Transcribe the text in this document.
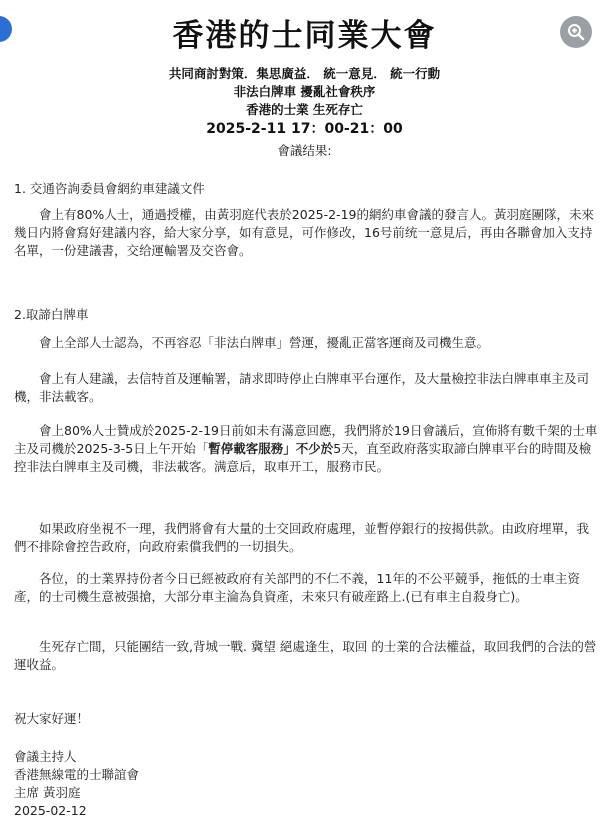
香港的士同業大會
共同商討對策．集思廣益． 統一意見． 統一行動
非法白牌車 擾亂社會秩序
香港的士業 生死存亡
2025-2-11 17：00-21：00
會議结果:
1. 交通咨詢委員會網約車建議文件
會上有80%人士，通過授權，由黃羽庭代表於2025-2-19的網約車會議的發言人。黃羽庭團隊，未來幾日内將會寫好建議内容，給大家分享，如有意見，可作修改，16号前统一意見后，再由各聯會加入支持名單，一份建議書，交给運輸署及交咨會。
2.取諦白牌車
會上全部人士認為，不再容忍「非法白牌車」營運，擾亂正當客運商及司機生意。
會上有人建議，去信特首及運輸署，請求即時停止白牌車平台運作，及大量檢控非法白牌車車主及司機，非法載客。
會上80%人士贊成於2025-2-19日前如未有滿意回應，我們將於19日會議后，宣佈將有數千架的士車主及司機於2025-3-5日上午开始「暫停載客服務」不少於5天，直至政府落实取諦白牌車平台的時間及檢控非法白牌車主及司機，非法載客。满意后，取車开工，服務市民。
如果政府坐視不一理，我們將會有大量的士交回政府處理，並暫停銀行的按揭供款。由政府埋單，我們不排除會控告政府，向政府索償我們的一切損失。
各位，的士業界持份者今日已經被政府有关部門的不仁不義，11年的不公平競爭，拖低的士車主资產，的士司機生意被强搶，大部分車主淪為負資產，未來只有破産路上.(已有車主自殺身亡)。
生死存亡間，只能團结一致,背城一戰. 冀望 絕處逢生，取回 的士業的合法權益，取回我們的合法的營運收益。
祝大家好運！
會議主持人
香港無線電的士聯誼會
主席 黃羽庭
2025-02-12
